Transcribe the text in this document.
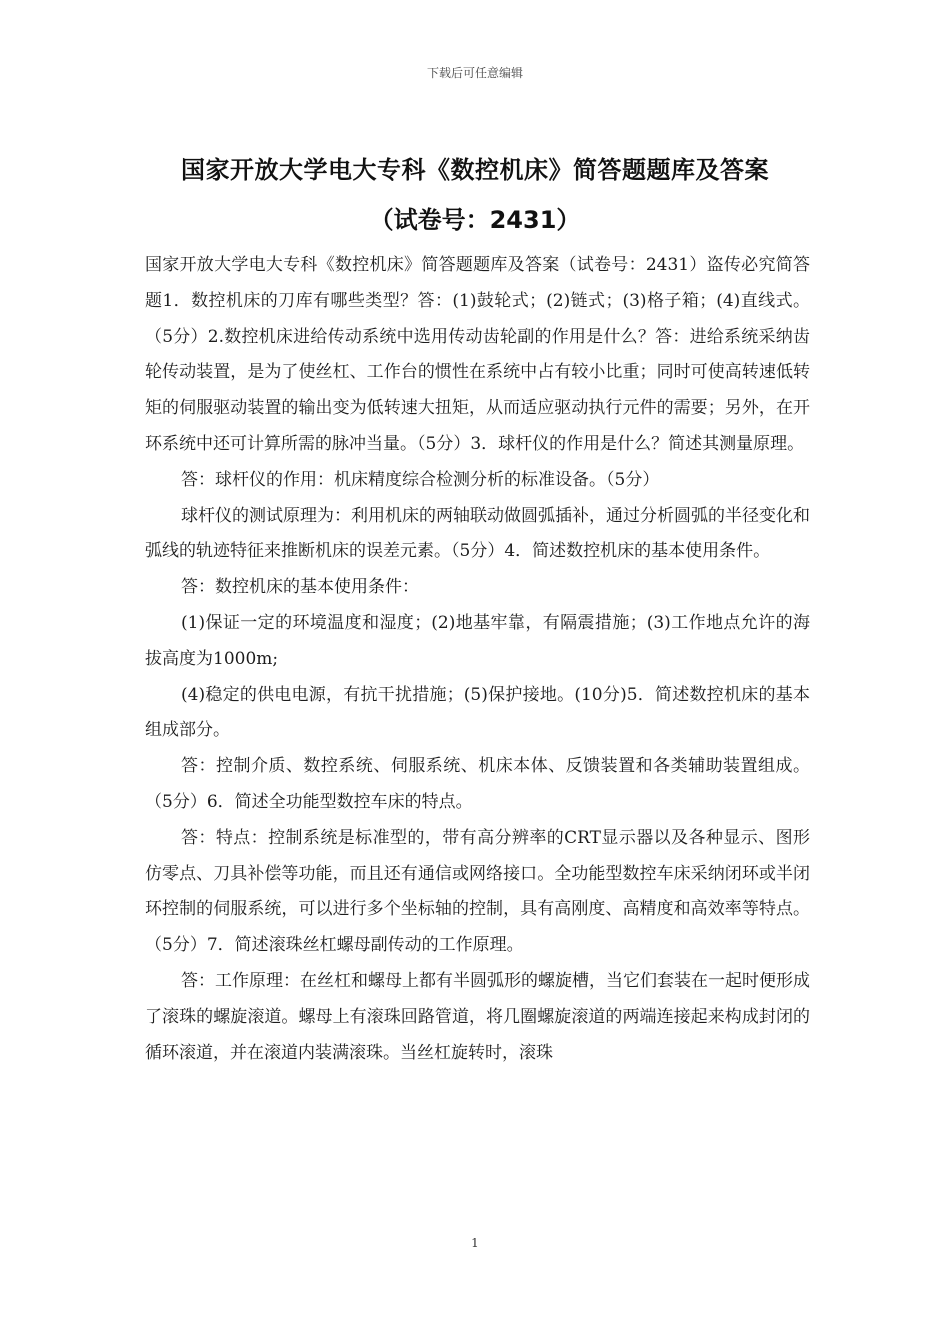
下载后可任意编辑
国家开放大学电大专科《数控机床》简答题题库及答案
（试卷号：2431）

国家开放大学电大专科《数控机床》简答题题库及答案（试卷号：2431）盗传必究简答题1．数控机床的刀库有哪些类型？答：(1)鼓轮式；(2)链式；(3)格子箱；(4)直线式。（5分）2.数控机床进给传动系统中选用传动齿轮副的作用是什么？答：进给系统采纳齿轮传动装置，是为了使丝杠、工作台的惯性在系统中占有较小比重；同时可使高转速低转矩的伺服驱动装置的输出变为低转速大扭矩，从而适应驱动执行元件的需要；另外，在开环系统中还可计算所需的脉冲当量。（5分）3．球杆仪的作用是什么？简述其测量原理。

答：球杆仪的作用：机床精度综合检测分析的标准设备。（5分）

球杆仪的测试原理为：利用机床的两轴联动做圆弧插补，通过分析圆弧的半径变化和弧线的轨迹特征来推断机床的误差元素。（5分）4．简述数控机床的基本使用条件。

答：数控机床的基本使用条件：

(1)保证一定的环境温度和湿度；(2)地基牢靠，有隔震措施；(3)工作地点允许的海拔高度为1000m;

(4)稳定的供电电源，有抗干扰措施；(5)保护接地。(10分)5．简述数控机床的基本组成部分。

答：控制介质、数控系统、伺服系统、机床本体、反馈装置和各类辅助装置组成。（5分）6．简述全功能型数控车床的特点。

答：特点：控制系统是标准型的，带有高分辨率的CRT显示器以及各种显示、图形仿零点、刀具补偿等功能，而且还有通信或网络接口。全功能型数控车床采纳闭环或半闭环控制的伺服系统，可以进行多个坐标轴的控制，具有高刚度、高精度和高效率等特点。（5分）7．简述滚珠丝杠螺母副传动的工作原理。

答：工作原理：在丝杠和螺母上都有半圆弧形的螺旋槽，当它们套装在一起时便形成了滚珠的螺旋滚道。螺母上有滚珠回路管道，将几圈螺旋滚道的两端连接起来构成封闭的循环滚道，并在滚道内装满滚珠。当丝杠旋转时，滚珠

1
